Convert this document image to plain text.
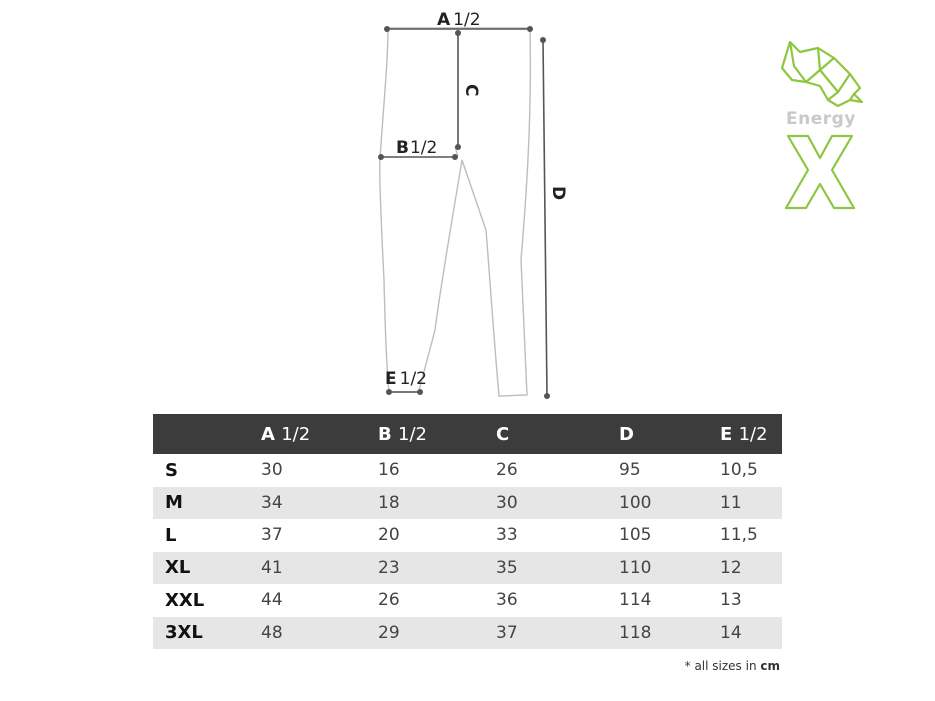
A 1/2
C
B1/2
D
E 1/2
Energy
	A 1/2	B 1/2	C	D	E 1/2
S	30	16	26	95	10,5
M	34	18	30	100	11
L	37	20	33	105	11,5
XL	41	23	35	110	12
XXL	44	26	36	114	13
3XL	48	29	37	118	14
* all sizes in cm
